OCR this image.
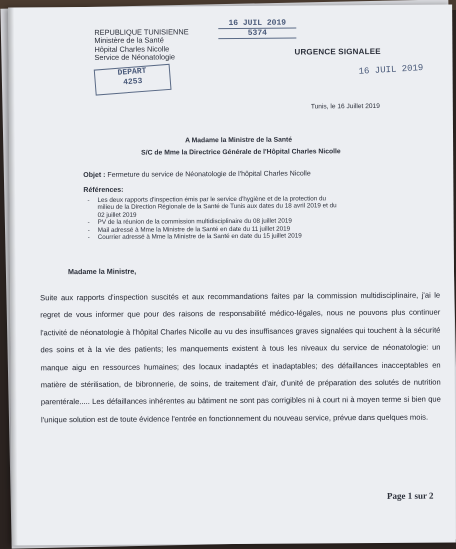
REPUBLIQUE TUNISIENNE
Ministère de la Santé
Hôpital Charles Nicolle
Service de Néonatologie
DEPART
4253
16 JUIL 2019
5374
URGENCE SIGNALEE
16 JUIL 2019
Tunis, le 16 Juillet 2019
A Madame la Ministre de la Santé
S/C de Mme la Directrice Générale de l'Hôpital Charles Nicolle
Objet : Fermeture du service de Néonatologie de l'hôpital Charles Nicolle
Références:
- Les deux rapports d'inspection émis par le service d'hygiène et de la protection du
milieu de la Direction Régionale de la Santé de Tunis aux dates du 18 avril 2019 et du
02 juillet 2019
- PV de la réunion de la commission multidisciplinaire du 08 juillet 2019
- Mail adressé à Mme la Ministre de la Santé en date du 11 juillet 2019
- Courrier adressé à Mme la Ministre de la Santé en date du 15 juillet 2019
Madame la Ministre,
Suite aux rapports d'inspection suscités et aux recommandations faites par la commission multidisciplinaire, j'ai le regret de vous informer que pour des raisons de responsabilité médico-légales, nous ne pouvons plus continuer l'activité de néonatologie à l'hôpital Charles Nicolle au vu des insuffisances graves signalées qui touchent à la sécurité des soins et à la vie des patients; les manquements existent à tous les niveaux du service de néonatologie: un manque aigu en ressources humaines; des locaux inadaptés et inadaptables; des défaillances inacceptables en matière de stérilisation, de bibronnerie, de soins, de traitement d'air, d'unité de préparation des solutés de nutrition parentérale..... Les défaillances inhérentes au bâtiment ne sont pas corrigibles ni à court ni à moyen terme si bien que l'unique solution est de toute évidence l'entrée en fonctionnement du nouveau service, prévue dans quelques mois.
Page 1 sur 2
